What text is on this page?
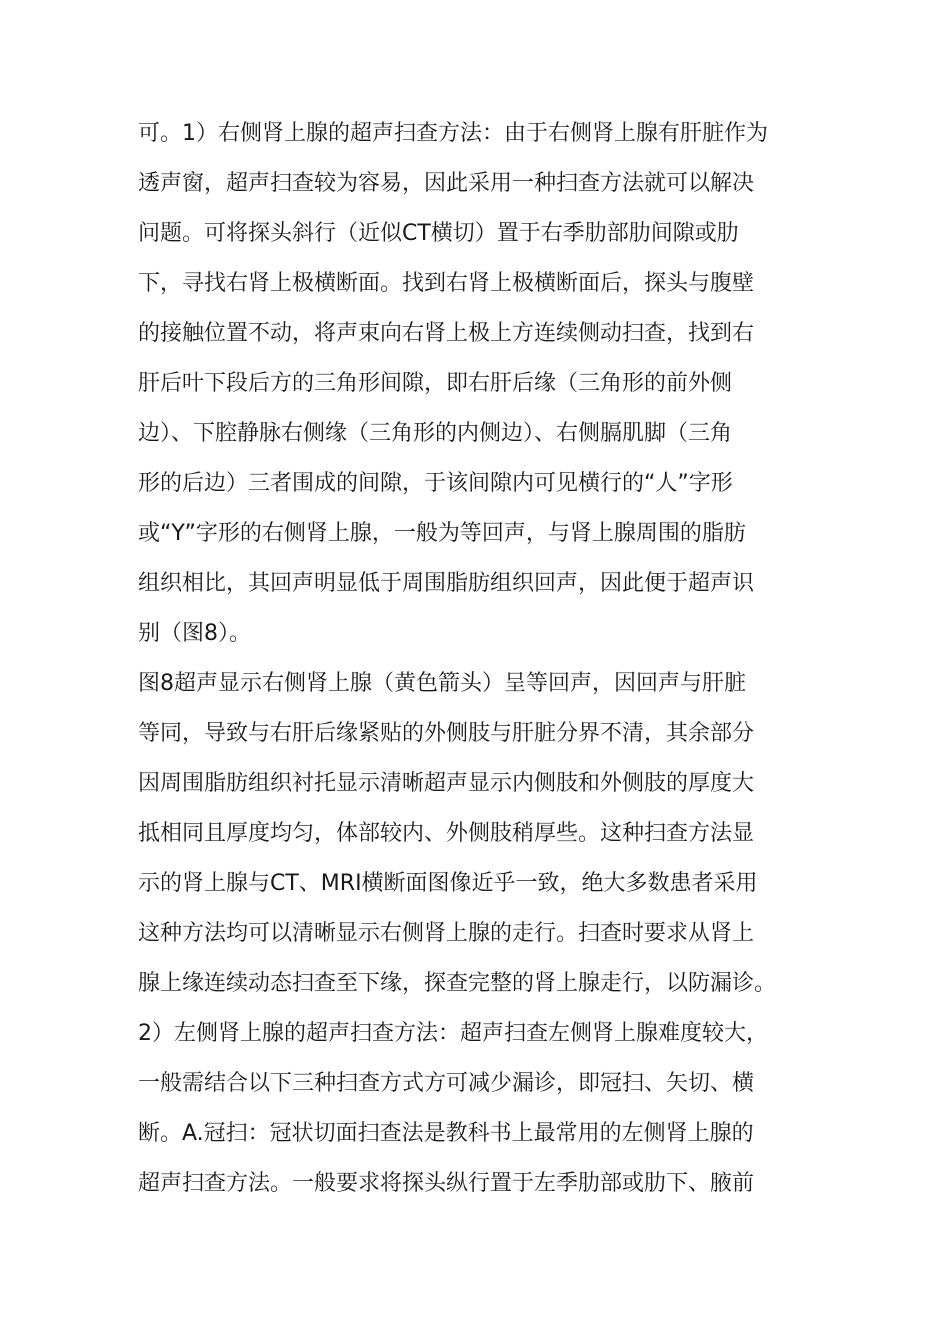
可。1）右侧肾上腺的超声扫查方法：由于右侧肾上腺有肝脏作为
透声窗，超声扫查较为容易，因此采用一种扫查方法就可以解决
问题。可将探头斜行（近似CT横切）置于右季肋部肋间隙或肋
下，寻找右肾上极横断面。找到右肾上极横断面后，探头与腹壁
的接触位置不动，将声束向右肾上极上方连续侧动扫查，找到右
肝后叶下段后方的三角形间隙，即右肝后缘（三角形的前外侧
边）、下腔静脉右侧缘（三角形的内侧边）、右侧膈肌脚（三角
形的后边）三者围成的间隙，于该间隙内可见横行的“人”字形
或“Y”字形的右侧肾上腺，一般为等回声，与肾上腺周围的脂肪
组织相比，其回声明显低于周围脂肪组织回声，因此便于超声识
别（图8）。
图8超声显示右侧肾上腺（黄色箭头）呈等回声，因回声与肝脏
等同，导致与右肝后缘紧贴的外侧肢与肝脏分界不清，其余部分
因周围脂肪组织衬托显示清晰超声显示内侧肢和外侧肢的厚度大
抵相同且厚度均匀，体部较内、外侧肢稍厚些。这种扫查方法显
示的肾上腺与CT、MRI横断面图像近乎一致，绝大多数患者采用
这种方法均可以清晰显示右侧肾上腺的走行。扫查时要求从肾上
腺上缘连续动态扫查至下缘，探查完整的肾上腺走行，以防漏诊。
2）左侧肾上腺的超声扫查方法：超声扫查左侧肾上腺难度较大，
一般需结合以下三种扫查方式方可减少漏诊，即冠扫、矢切、横
断。A.冠扫：冠状切面扫查法是教科书上最常用的左侧肾上腺的
超声扫查方法。一般要求将探头纵行置于左季肋部或肋下、腋前
